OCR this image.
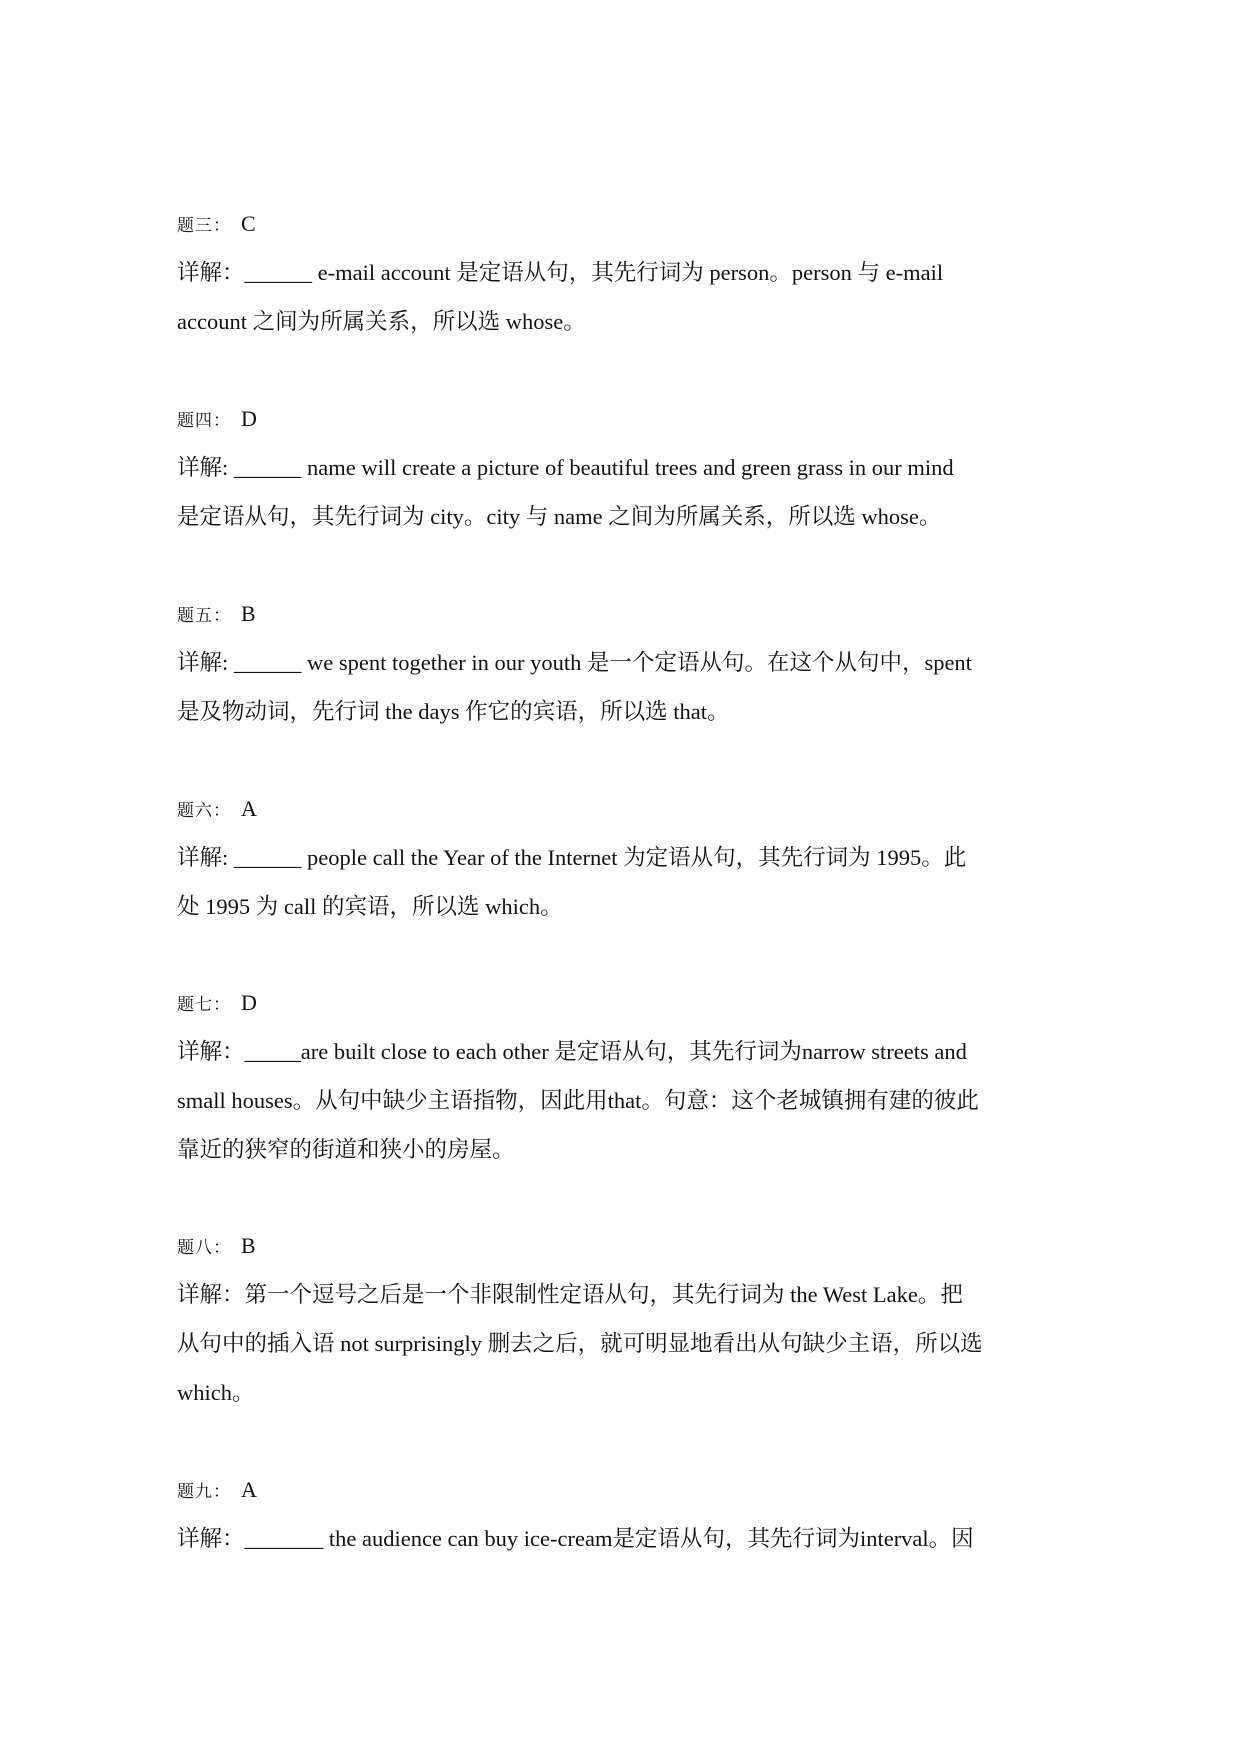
题三： C
详解：______ e-mail account 是定语从句，其先行词为 person。person 与 e-mail
account 之间为所属关系，所以选 whose。
题四： D
详解: ______ name will create a picture of beautiful trees and green grass in our mind
是定语从句，其先行词为 city。city 与 name 之间为所属关系，所以选 whose。
题五： B
详解: ______ we spent together in our youth 是一个定语从句。在这个从句中，spent
是及物动词，先行词 the days 作它的宾语，所以选 that。
题六： A
详解: ______ people call the Year of the Internet 为定语从句，其先行词为 1995。此
处 1995 为 call 的宾语，所以选 which。
题七： D
详解：_____are built close to each other 是定语从句，其先行词为narrow streets and
small houses。从句中缺少主语指物，因此用that。句意：这个老城镇拥有建的彼此
靠近的狭窄的街道和狭小的房屋。
题八： B
详解：第一个逗号之后是一个非限制性定语从句，其先行词为 the West Lake。把
从句中的插入语 not surprisingly 删去之后，就可明显地看出从句缺少主语，所以选
which。
题九： A
详解：_______ the audience can buy ice-cream是定语从句，其先行词为interval。因
